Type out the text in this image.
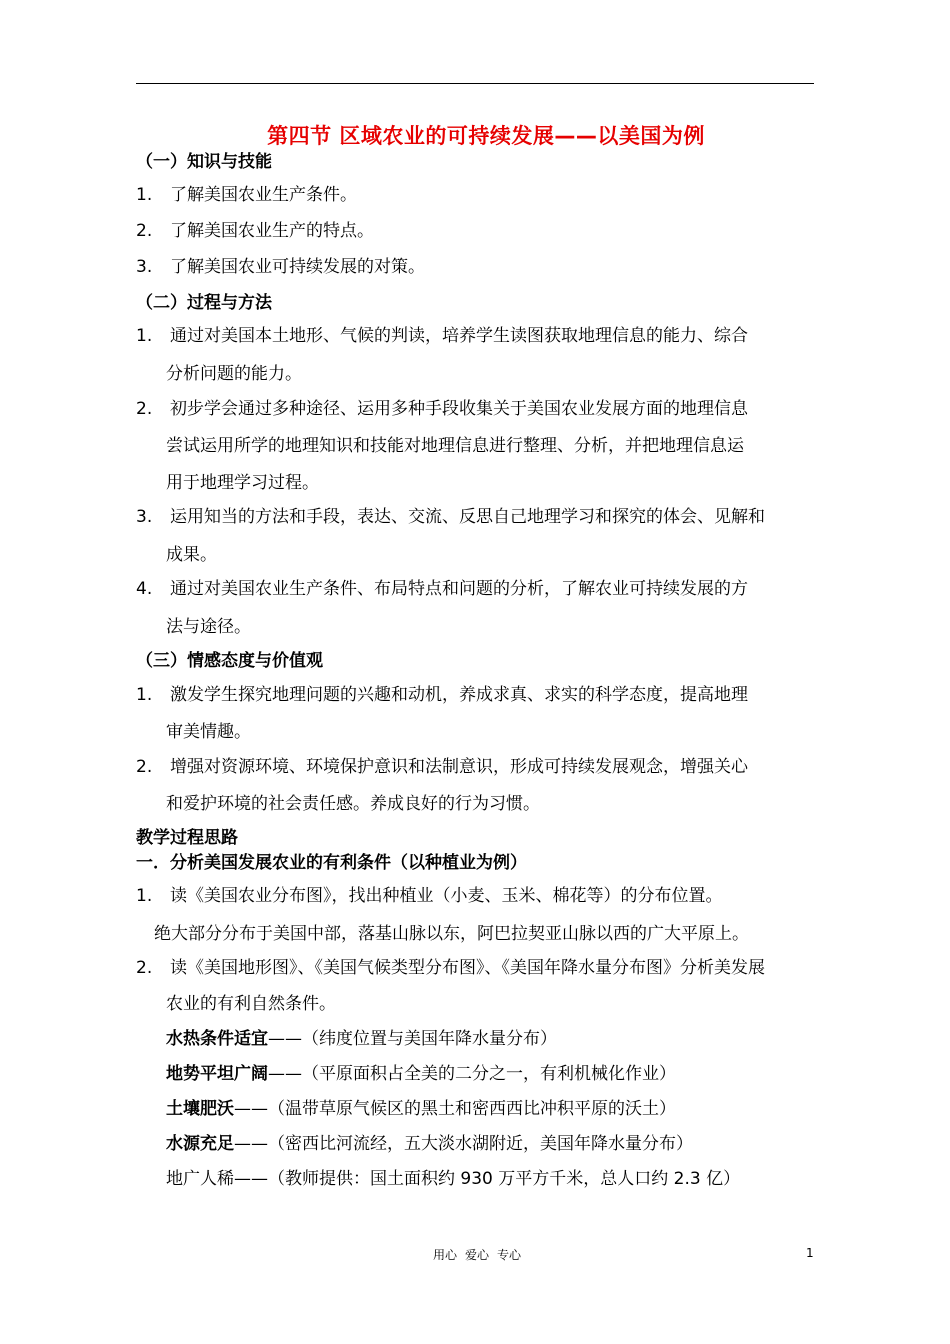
第四节 区域农业的可持续发展——以美国为例
（一）知识与技能
1. 了解美国农业生产条件。
2. 了解美国农业生产的特点。
3. 了解美国农业可持续发展的对策。
（二）过程与方法
1. 通过对美国本土地形、气候的判读，培养学生读图获取地理信息的能力、综合
分析问题的能力。
2. 初步学会通过多种途径、运用多种手段收集关于美国农业发展方面的地理信息
尝试运用所学的地理知识和技能对地理信息进行整理、分析，并把地理信息运
用于地理学习过程。
3. 运用知当的方法和手段，表达、交流、反思自己地理学习和探究的体会、见解和
成果。
4. 通过对美国农业生产条件、布局特点和问题的分析，了解农业可持续发展的方
法与途径。
（三）情感态度与价值观
1. 激发学生探究地理问题的兴趣和动机，养成求真、求实的科学态度，提高地理
审美情趣。
2. 增强对资源环境、环境保护意识和法制意识，形成可持续发展观念，增强关心
和爱护环境的社会责任感。养成良好的行为习惯。
教学过程思路
一．分析美国发展农业的有利条件（以种植业为例）
1. 读《美国农业分布图》，找出种植业（小麦、玉米、棉花等）的分布位置。
绝大部分分布于美国中部，落基山脉以东，阿巴拉契亚山脉以西的广大平原上。
2. 读《美国地形图》、《美国气候类型分布图》、《美国年降水量分布图》分析美发展
农业的有利自然条件。
水热条件适宜——（纬度位置与美国年降水量分布）
地势平坦广阔——（平原面积占全美的二分之一，有利机械化作业）
土壤肥沃——（温带草原气候区的黑土和密西西比冲积平原的沃土）
水源充足——（密西比河流经，五大淡水湖附近，美国年降水量分布）
地广人稀——（教师提供：国土面积约 930 万平方千米，总人口约 2.3 亿）
用心 爱心 专心	1
